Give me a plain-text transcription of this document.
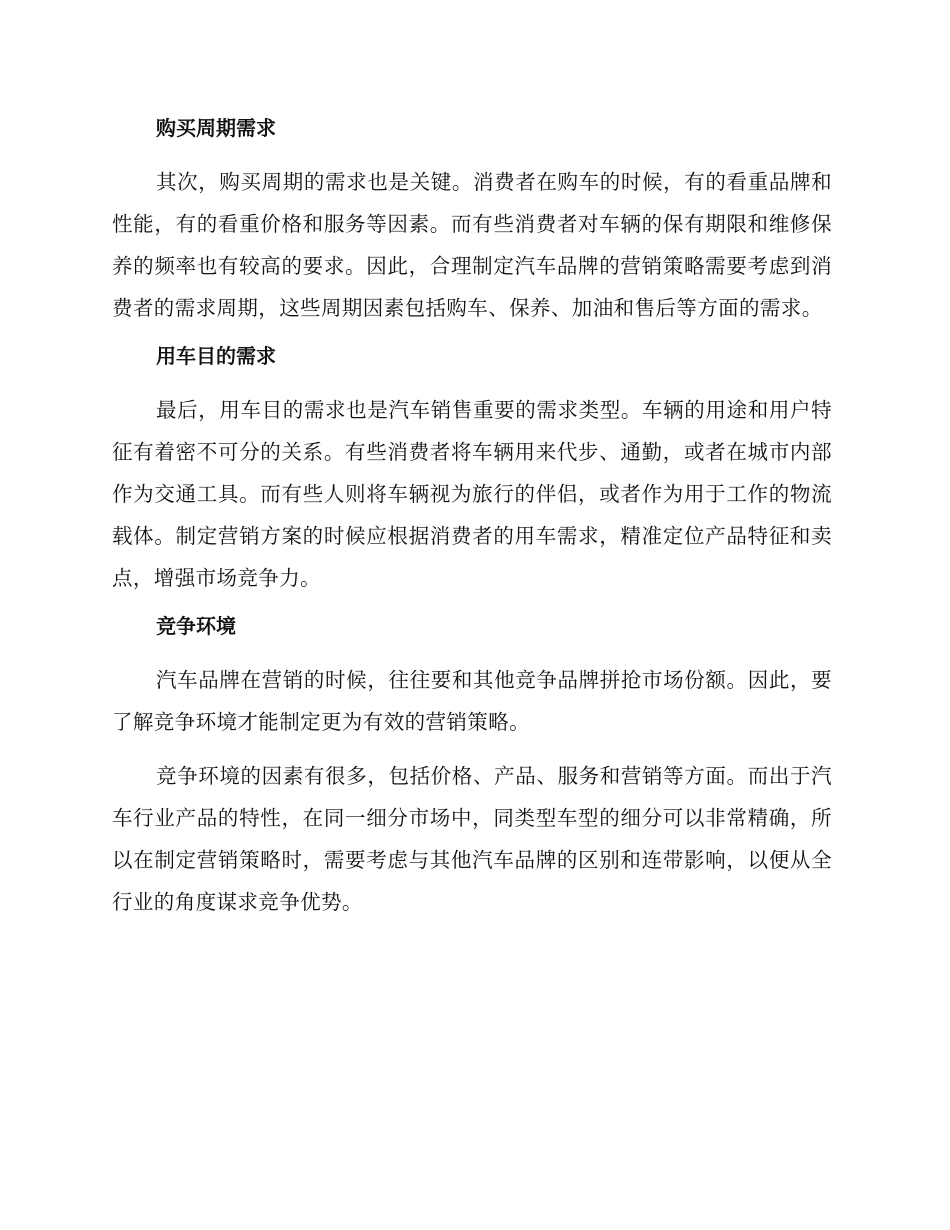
购买周期需求

其次，购买周期的需求也是关键。消费者在购车的时候，有的看重品牌和性能，有的看重价格和服务等因素。而有些消费者对车辆的保有期限和维修保养的频率也有较高的要求。因此，合理制定汽车品牌的营销策略需要考虑到消费者的需求周期，这些周期因素包括购车、保养、加油和售后等方面的需求。

用车目的需求

最后，用车目的需求也是汽车销售重要的需求类型。车辆的用途和用户特征有着密不可分的关系。有些消费者将车辆用来代步、通勤，或者在城市内部作为交通工具。而有些人则将车辆视为旅行的伴侣，或者作为用于工作的物流载体。制定营销方案的时候应根据消费者的用车需求，精准定位产品特征和卖点，增强市场竞争力。

竞争环境

汽车品牌在营销的时候，往往要和其他竞争品牌拼抢市场份额。因此，要了解竞争环境才能制定更为有效的营销策略。

竞争环境的因素有很多，包括价格、产品、服务和营销等方面。而出于汽车行业产品的特性，在同一细分市场中，同类型车型的细分可以非常精确，所以在制定营销策略时，需要考虑与其他汽车品牌的区别和连带影响，以便从全行业的角度谋求竞争优势。
